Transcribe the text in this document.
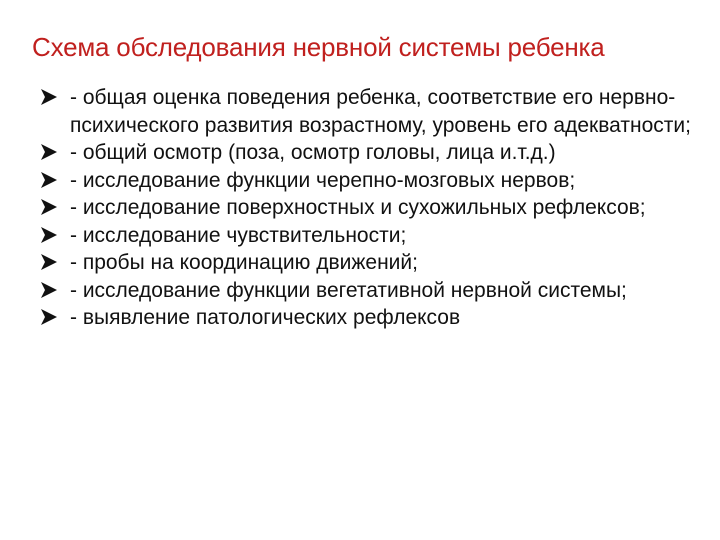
Схема обследования нервной системы ребенка
- общая оценка поведения ребенка, соответствие его нервно-психического развития возрастному, уровень его адекватности;
- общий осмотр (поза, осмотр головы, лица и.т.д.)
- исследование функции черепно-мозговых нервов;
- исследование поверхностных и сухожильных рефлексов;
- исследование чувствительности;
- пробы на координацию движений;
- исследование функции вегетативной нервной системы;
- выявление патологических рефлексов
